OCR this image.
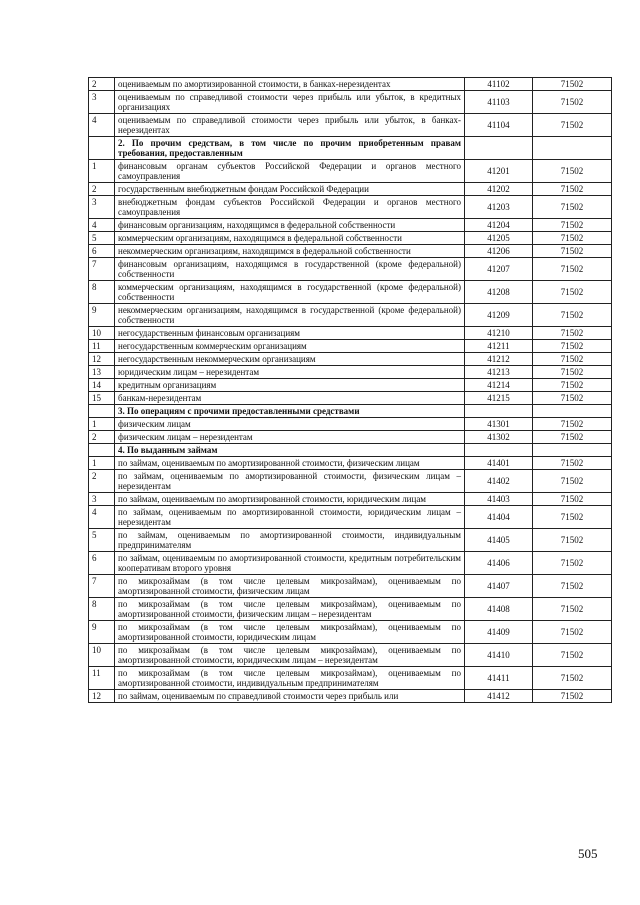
2	оцениваемым по амортизированной стоимости, в банках-нерезидентах	41102	71502
3	оцениваемым по справедливой стоимости через прибыль или убыток, в кредитных организациях	41103	71502
4	оцениваемым по справедливой стоимости через прибыль или убыток, в банках-нерезидентах	41104	71502
	2. По прочим средствам, в том числе по прочим приобретенным правам требования, предоставленным		
1	финансовым органам субъектов Российской Федерации и органов местного самоуправления	41201	71502
2	государственным внебюджетным фондам Российской Федерации	41202	71502
3	внебюджетным фондам субъектов Российской Федерации и органов местного самоуправления	41203	71502
4	финансовым организациям, находящимся в федеральной собственности	41204	71502
5	коммерческим организациям, находящимся в федеральной собственности	41205	71502
6	некоммерческим организациям, находящимся в федеральной собственности	41206	71502
7	финансовым организациям, находящимся в государственной (кроме федеральной) собственности	41207	71502
8	коммерческим организациям, находящимся в государственной (кроме федеральной) собственности	41208	71502
9	некоммерческим организациям, находящимся в государственной (кроме федеральной) собственности	41209	71502
10	негосударственным финансовым организациям	41210	71502
11	негосударственным коммерческим организациям	41211	71502
12	негосударственным некоммерческим организациям	41212	71502
13	юридическим лицам – нерезидентам	41213	71502
14	кредитным организациям	41214	71502
15	банкам-нерезидентам	41215	71502
	3. По операциям с прочими предоставленными средствами		
1	физическим лицам	41301	71502
2	физическим лицам – нерезидентам	41302	71502
	4. По выданным займам		
1	по займам, оцениваемым по амортизированной стоимости, физическим лицам	41401	71502
2	по займам, оцениваемым по амортизированной стоимости, физическим лицам – нерезидентам	41402	71502
3	по займам, оцениваемым по амортизированной стоимости, юридическим лицам	41403	71502
4	по займам, оцениваемым по амортизированной стоимости, юридическим лицам – нерезидентам	41404	71502
5	по займам, оцениваемым по амортизированной стоимости, индивидуальным предпринимателям	41405	71502
6	по займам, оцениваемым по амортизированной стоимости, кредитным потребительским кооперативам второго уровня	41406	71502
7	по микрозаймам (в том числе целевым микрозаймам), оцениваемым по амортизированной стоимости, физическим лицам	41407	71502
8	по микрозаймам (в том числе целевым микрозаймам), оцениваемым по амортизированной стоимости, физическим лицам – нерезидентам	41408	71502
9	по микрозаймам (в том числе целевым микрозаймам), оцениваемым по амортизированной стоимости, юридическим лицам	41409	71502
10	по микрозаймам (в том числе целевым микрозаймам), оцениваемым по амортизированной стоимости, юридическим лицам – нерезидентам	41410	71502
11	по микрозаймам (в том числе целевым микрозаймам), оцениваемым по амортизированной стоимости, индивидуальным предпринимателям	41411	71502
12	по займам, оцениваемым по справедливой стоимости через прибыль или	41412	71502
505
